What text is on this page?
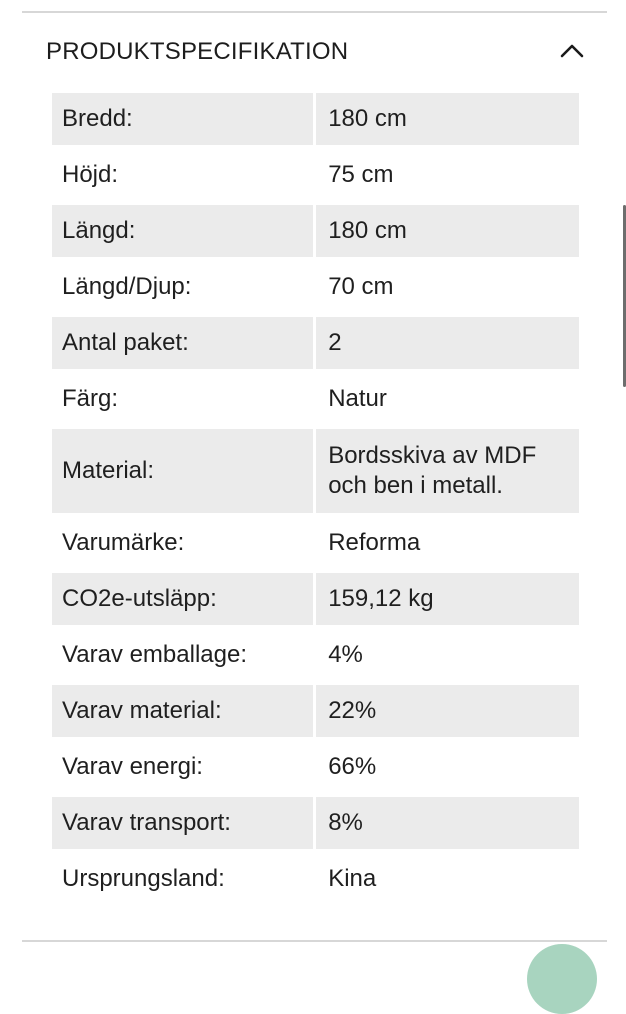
PRODUKTSPECIFIKATION
Bredd:	180 cm
Höjd:	75 cm
Längd:	180 cm
Längd/Djup:	70 cm
Antal paket:	2
Färg:	Natur
Material:	Bordsskiva av MDF och ben i metall.
Varumärke:	Reforma
CO2e-utsläpp:	159,12 kg
Varav emballage:	4%
Varav material:	22%
Varav energi:	66%
Varav transport:	8%
Ursprungsland:	Kina
